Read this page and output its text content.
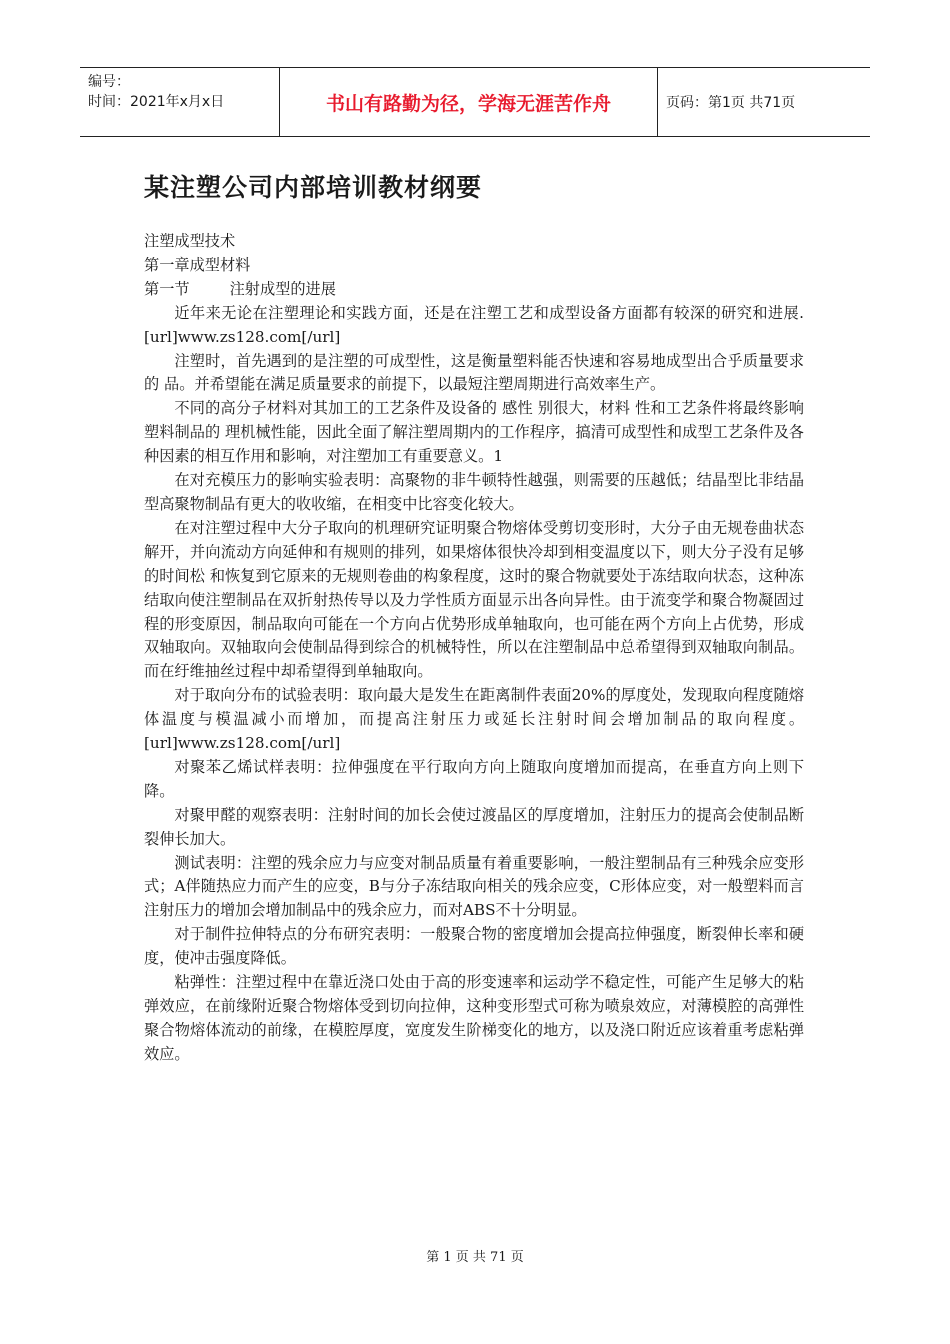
编号：
时间：2021年x月x日	书山有路勤为径，学海无涯苦作舟	页码：第1页 共71页
某注塑公司内部培训教材纲要

注塑成型技术

第一章成型材料

第一节	注射成型的进展

近年来无论在注塑理论和实践方面，还是在注塑工艺和成型设备方面都有较深的研究和进展.[url]www.zs128.com[/url]

注塑时，首先遇到的是注塑的可成型性，这是衡量塑料能否快速和容易地成型出合乎质量要求的 品。并希望能在满足质量要求的前提下，以最短注塑周期进行高效率生产。

不同的高分子材料对其加工的工艺条件及设备的 感性 别很大，材料 性和工艺条件将最终影响塑料制品的 理机械性能，因此全面了解注塑周期内的工作程序，搞清可成型性和成型工艺条件及各种因素的相互作用和影响，对注塑加工有重要意义。1

在对充模压力的影响实验表明：高聚物的非牛顿特性越强，则需要的压越低；结晶型比非结晶型高聚物制品有更大的收收缩，在相变中比容变化较大。

在对注塑过程中大分子取向的机理研究证明聚合物熔体受剪切变形时，大分子由无规卷曲状态解开，并向流动方向延伸和有规则的排列，如果熔体很快冷却到相变温度以下，则大分子没有足够的时间松 和恢复到它原来的无规则卷曲的构象程度，这时的聚合物就要处于冻结取向状态，这种冻结取向使注塑制品在双折射热传导以及力学性质方面显示出各向异性。由于流变学和聚合物凝固过程的形变原因，制品取向可能在一个方向占优势形成单轴取向，也可能在两个方向上占优势，形成双轴取向。双轴取向会使制品得到综合的机械特性，所以在注塑制品中总希望得到双轴取向制品。而在纡维抽丝过程中却希望得到单轴取向。

对于取向分布的试验表明：取向最大是发生在距离制件表面20%的厚度处，发现取向程度随熔体温度与模温减小而增加，而提高注射压力或延长注射时间会增加制品的取向程度。[url]www.zs128.com[/url]

对聚苯乙烯试样表明：拉伸强度在平行取向方向上随取向度增加而提高，在垂直方向上则下降。

对聚甲醛的观察表明：注射时间的加长会使过渡晶区的厚度增加，注射压力的提高会使制品断裂伸长加大。

测试表明：注塑的残余应力与应变对制品质量有着重要影响，一般注塑制品有三种残余应变形式；A伴随热应力而产生的应变，B与分子冻结取向相关的残余应变，C形体应变，对一般塑料而言注射压力的增加会增加制品中的残余应力，而对ABS不十分明显。

对于制件拉伸特点的分布研究表明：一般聚合物的密度增加会提高拉伸强度，断裂伸长率和硬度，使冲击强度降低。

粘弹性：注塑过程中在靠近浇口处由于高的形变速率和运动学不稳定性，可能产生足够大的粘弹效应，在前缘附近聚合物熔体受到切向拉伸，这种变形型式可称为喷泉效应，对薄模腔的高弹性聚合物熔体流动的前缘，在模腔厚度，宽度发生阶梯变化的地方，以及浇口附近应该着重考虑粘弹效应。

第 1 页 共 71 页
